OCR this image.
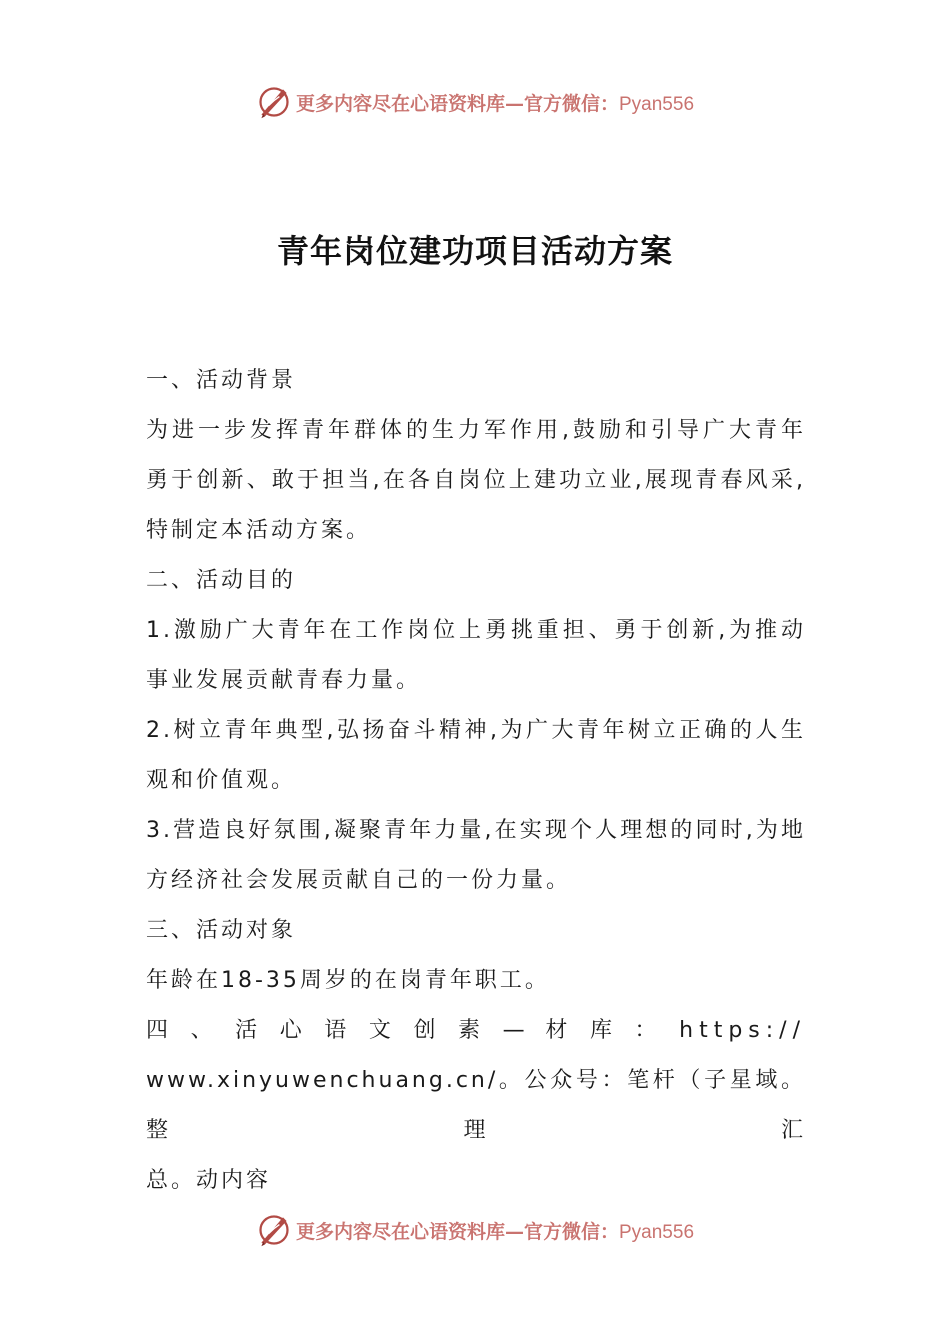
更多内容尽在心语资料库—官方微信：Pyan556
青年岗位建功项目活动方案

一、活动背景

为进一步发挥青年群体的生力军作用,鼓励和引导广大青年

勇于创新、敢于担当,在各自岗位上建功立业,展现青春风采,

特制定本活动方案。

二、活动目的

1.激励广大青年在工作岗位上勇挑重担、勇于创新,为推动

事业发展贡献青春力量。

2.树立青年典型,弘扬奋斗精神,为广大青年树立正确的人生

观和价值观。

3.营造良好氛围,凝聚青年力量,在实现个人理想的同时,为地

方经济社会发展贡献自己的一份力量。

三、活动对象

年龄在18-35周岁的在岗青年职工。

四 、 活 心 语 文 创 素 — 材 库 ： https://

www.xinyuwenchuang.cn/。公众号：笔杆（子星域。整理汇

总。动内容

更多内容尽在心语资料库—官方微信：Pyan556
